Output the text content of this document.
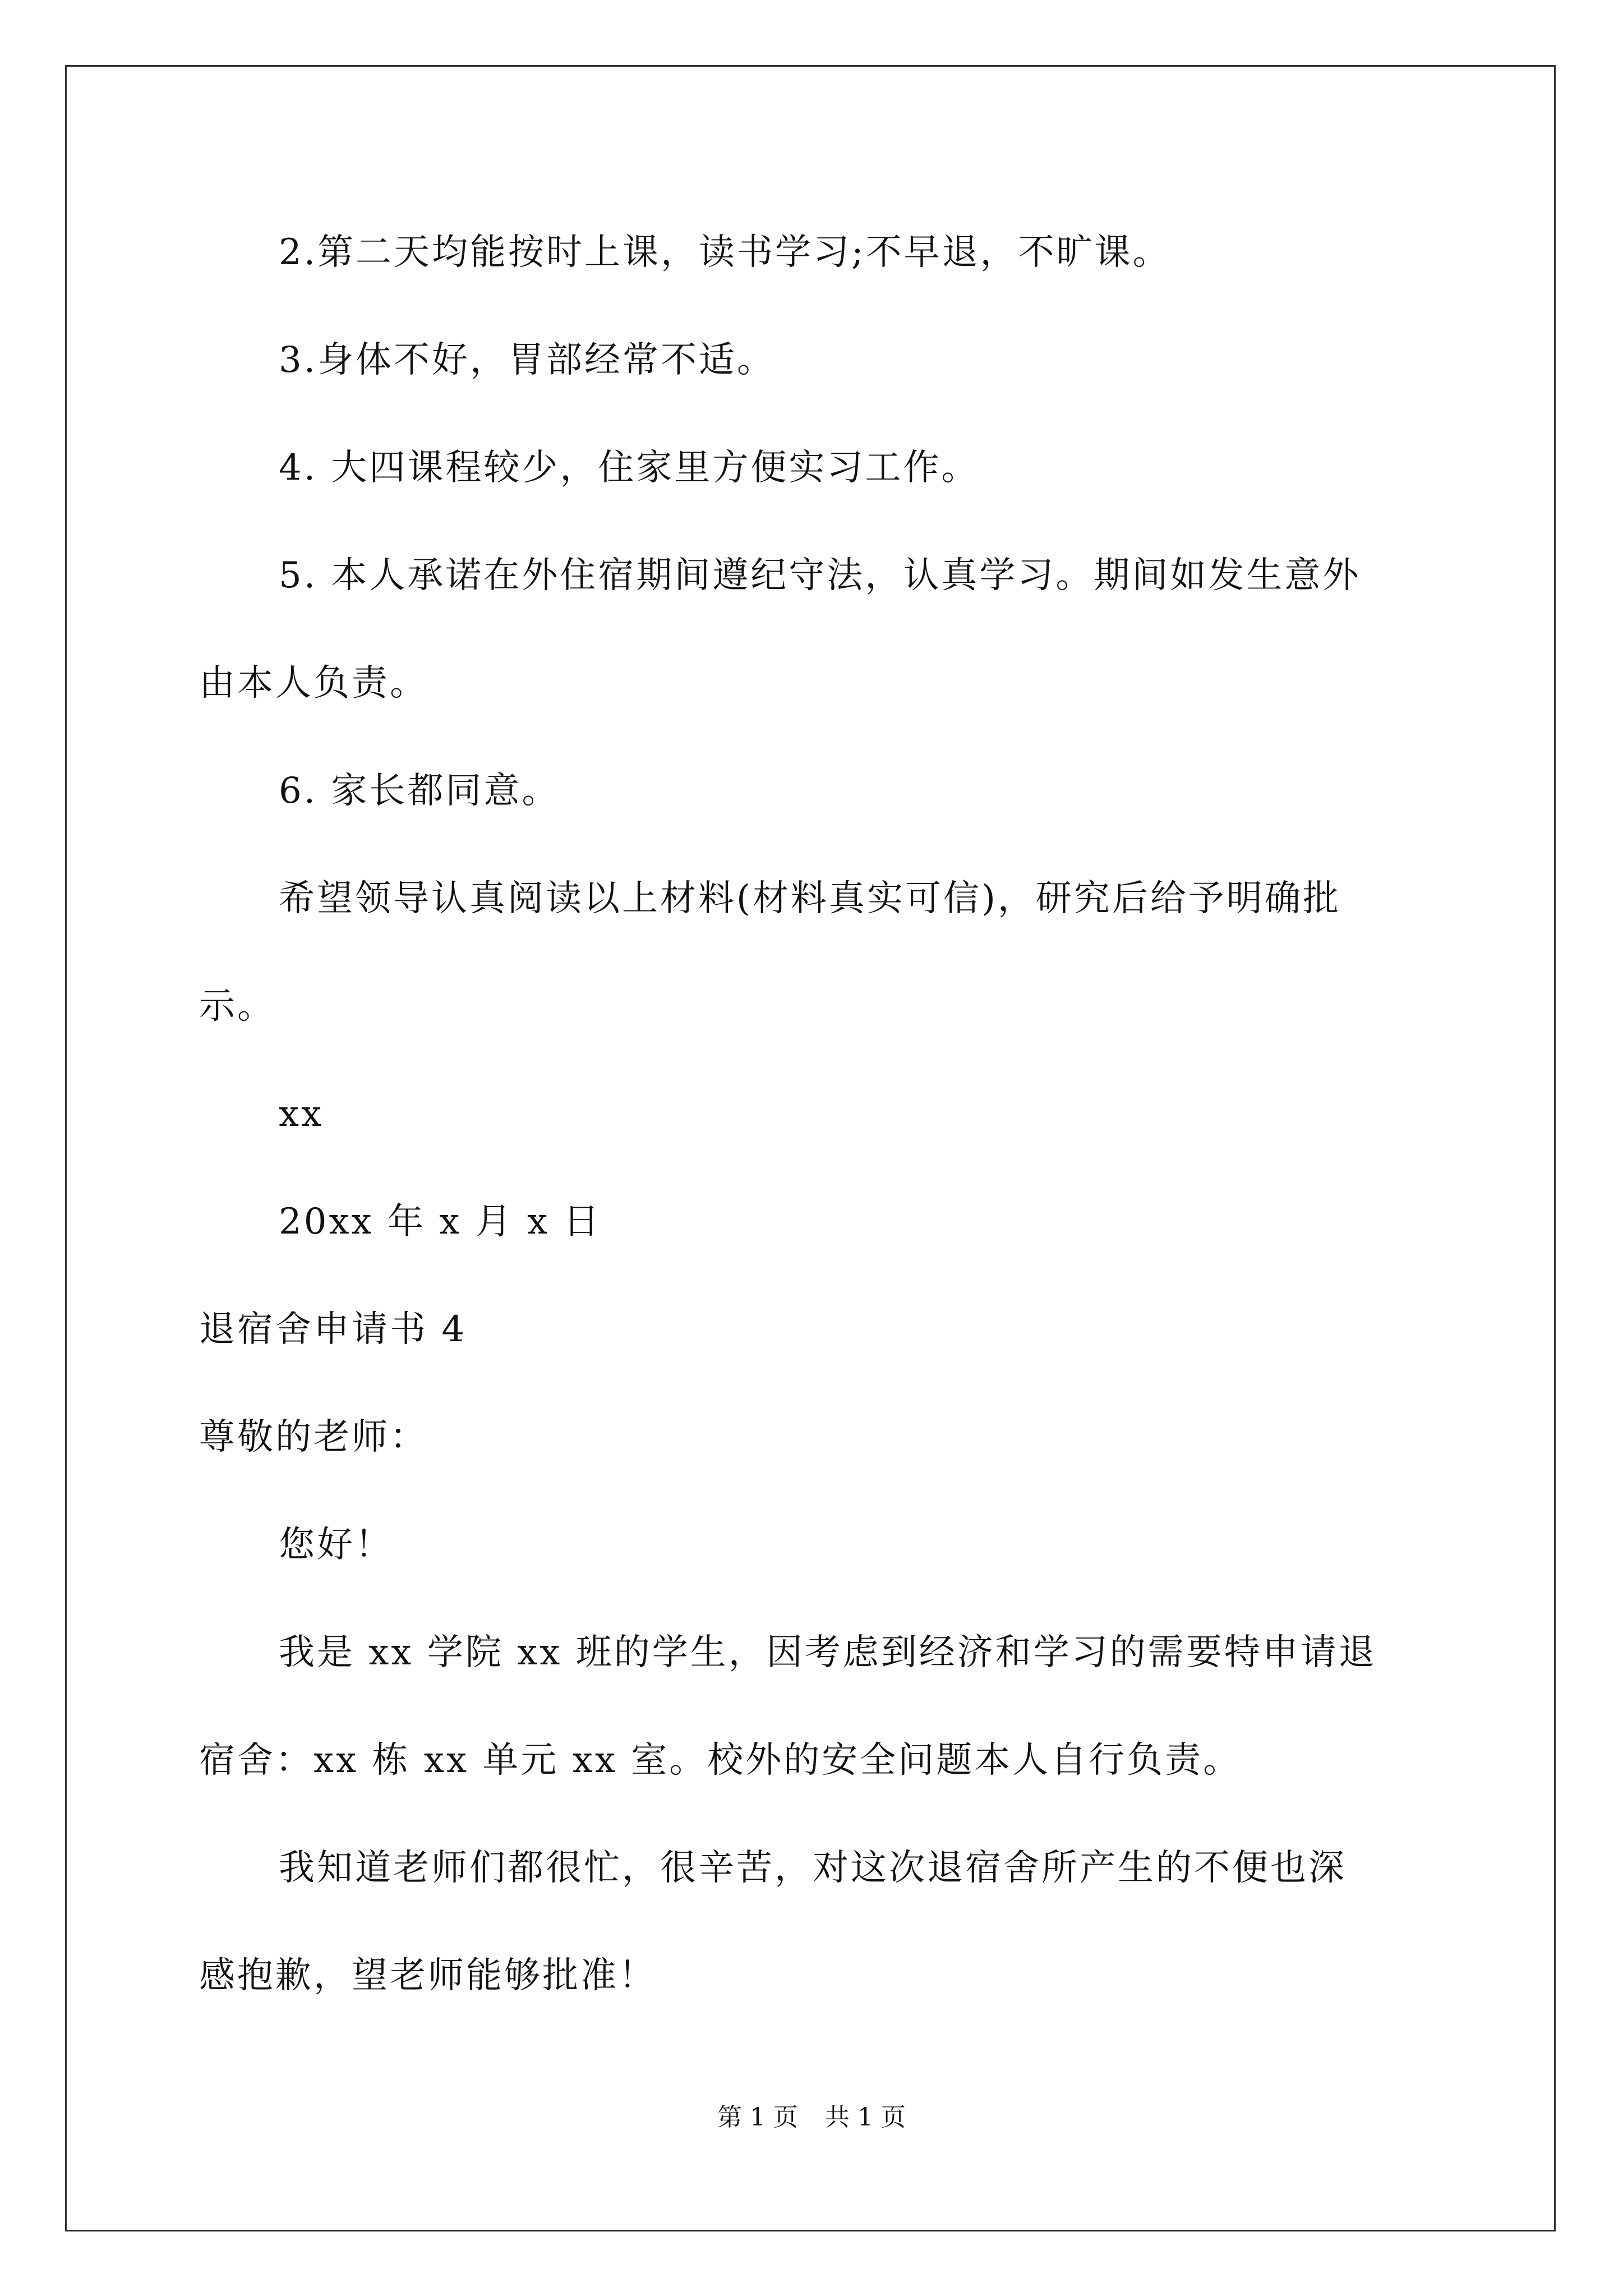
2.第二天均能按时上课，读书学习;不早退，不旷课。
3.身体不好，胃部经常不适。
4. 大四课程较少，住家里方便实习工作。
5. 本人承诺在外住宿期间遵纪守法，认真学习。期间如发生意外
由本人负责。
6. 家长都同意。
希望领导认真阅读以上材料(材料真实可信)，研究后给予明确批
示。
xx
20xx 年 x 月 x 日
退宿舍申请书 4
尊敬的老师：
您好！
我是 xx 学院 xx 班的学生，因考虑到经济和学习的需要特申请退
宿舍：xx 栋 xx 单元 xx 室。校外的安全问题本人自行负责。
我知道老师们都很忙，很辛苦，对这次退宿舍所产生的不便也深
感抱歉，望老师能够批准！
第 1 页 共 1 页
